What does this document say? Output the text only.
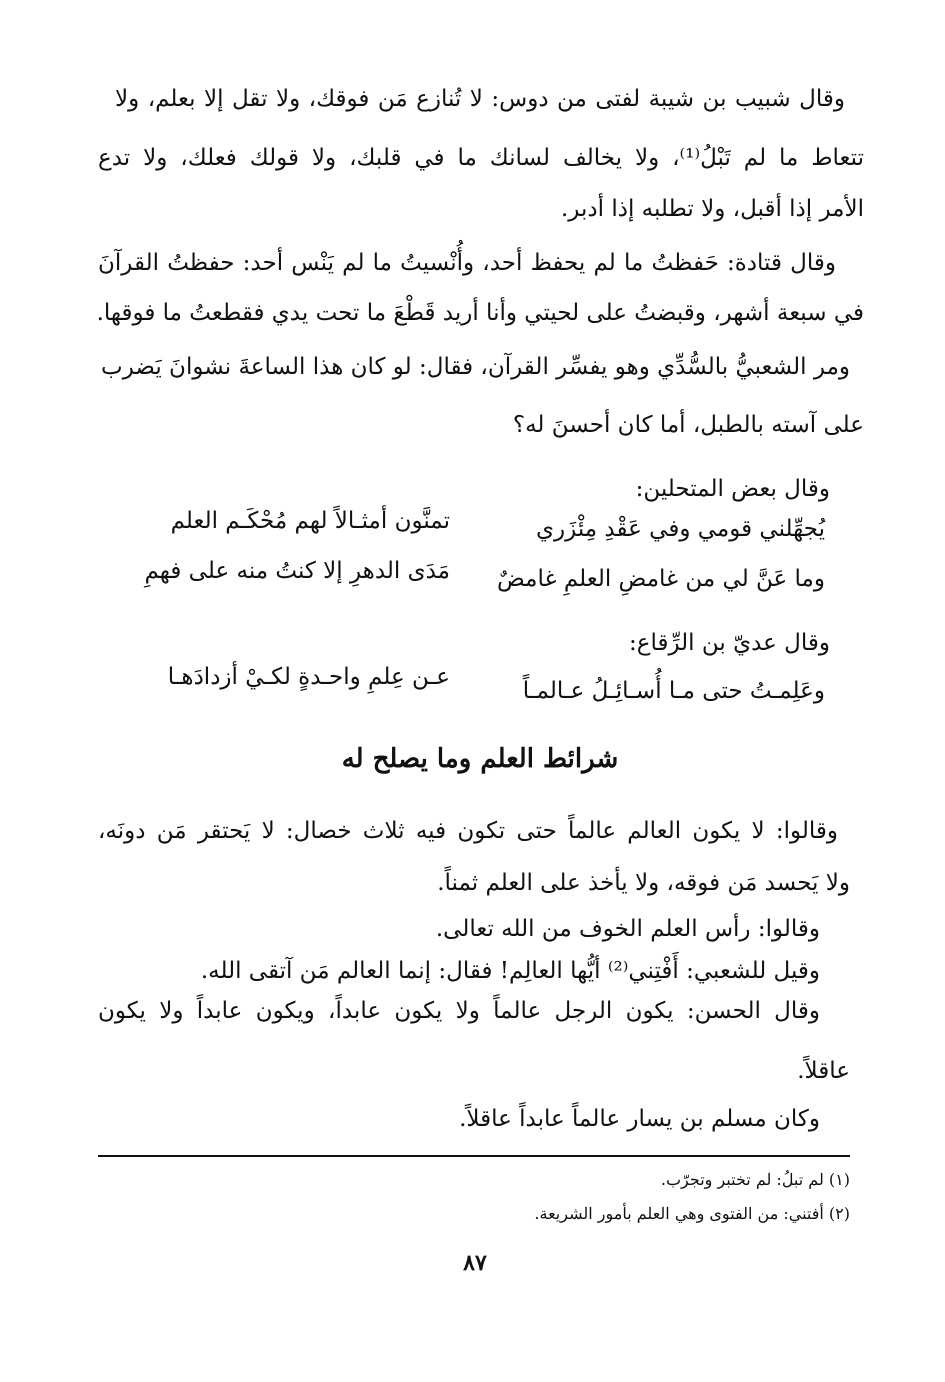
وقال شبيب بن شيبة لفتى من دوس: لا تُنازع مَن فوقك، ولا تقل إلا بعلم، ولا
تتعاط ما لم تَبْلُ⁽¹⁾، ولا يخالف لسانك ما في قلبك، ولا قولك فعلك، ولا تدع
الأمر إذا أقبل، ولا تطلبه إذا أدبر.
وقال قتادة: حَفظتُ ما لم يحفظ أحد، وأُنْسيتُ ما لم يَنْس أحد: حفظتُ القرآنَ
في سبعة أشهر، وقبضتُ على لحيتي وأنا أريد قَطْعَ ما تحت يدي فقطعتُ ما فوقها.
ومر الشعبيُّ بالسُّدِّي وهو يفسِّر القرآن، فقال: لو كان هذا الساعةَ نشوانَ يَضرب
على آسته بالطبل، أما كان أحسنَ له؟
وقال بعض المتحلين:
يُجهِّلني قومي وفي عَقْدِ مِئْزَري
تمنَّون أمثـالاً لهم مُحْكَـم العلم
وما عَنَّ لي من غامضِ العلمِ غامضٌ
مَدَى الدهرِ إلا كنتُ منه على فهمِ
وقال عديّ بن الرِّقاع:
وعَلِمـتُ حتى مـا أُسـائِـلُ عـالمـاً
عـن عِلمِ واحـدةٍ لكـيْ أزدادَهـا
شرائط العلم وما يصلح له
وقالوا: لا يكون العالم عالماً حتى تكون فيه ثلاث خصال: لا يَحتقر مَن دونَه،
ولا يَحسد مَن فوقه، ولا يأخذ على العلم ثمناً.
وقالوا: رأس العلم الخوف من الله تعالى.
وقيل للشعبي: أَفْتِني⁽²⁾ أيُّها العالِم! فقال: إنما العالم مَن آتقى الله.
وقال الحسن: يكون الرجل عالماً ولا يكون عابداً، ويكون عابداً ولا يكون
عاقلاً.
وكان مسلم بن يسار عالماً عابداً عاقلاً.
(١) لم تبلُ: لم تختبر وتجرّب.
(٢) أفتني: من الفتوى وهي العلم بأمور الشريعة.
٨٧
